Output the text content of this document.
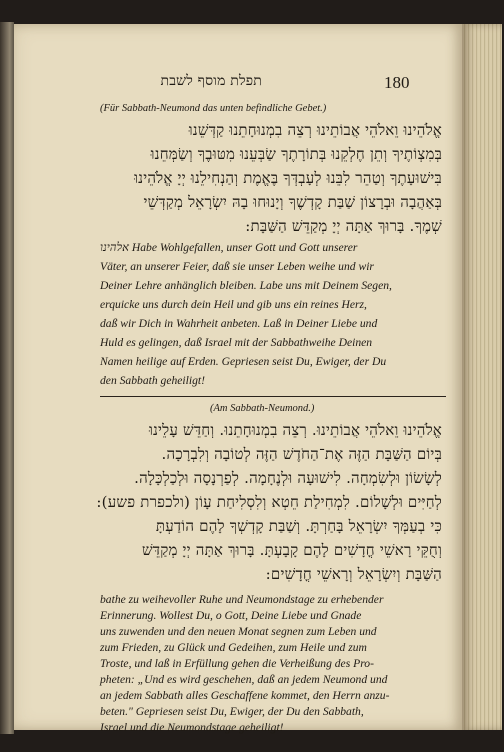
תפלת מוסף לשבת	180
(Für Sabbath-Neumond das unten befindliche Gebet.)
אֱלֹהֵינוּ וֵאלֹהֵי אֲבוֹתֵינוּ רְצֵה בִמְנוּחָתֵנוּ קַדְּשֵׁנוּ
בְּמִצְוֹתֶיךָ וְתֵן חֶלְקֵנוּ בְּתוֹרָתֶךָ שַׂבְּעֵנוּ מִטּוּבֶךָ וְשַׂמְּחֵנוּ
בִּישׁוּעָתֶךָ וְטַהֵר לִבֵּנוּ לְעָבְדְּךָ בֶּאֱמֶת וְהַנְחִילֵנוּ יְיָ אֱלֹהֵינוּ
בְּאַהֲבָה וּבְרָצוֹן שַׁבַּת קָדְשֶׁךָ וְיָנוּחוּ בָהּ יִשְׂרָאֵל מְקַדְּשֵׁי
שְׁמֶךָ. בָּרוּךְ אַתָּה יְיָ מְקַדֵּשׁ הַשַּׁבָּת:
אלהינו Habe Wohlgefallen, unser Gott und Gott unserer
Väter, an unserer Feier, daß sie unser Leben weihe und wir
Deiner Lehre anhänglich bleiben. Labe uns mit Deinem Segen,
erquicke uns durch dein Heil und gib uns ein reines Herz,
daß wir Dich in Wahrheit anbeten. Laß in Deiner Liebe und
Huld es gelingen, daß Israel mit der Sabbathweihe Deinen
Namen heilige auf Erden. Gepriesen seist Du, Ewiger, der Du
den Sabbath geheiligt!
(Am Sabbath-Neumond.)
אֱלֹהֵינוּ וֵאלֹהֵי אֲבוֹתֵינוּ. רְצֵה בִמְנוּחָתֵנוּ. וְחַדֵּשׁ עָלֵינוּ
בְּיוֹם הַשַּׁבָּת הַזֶּה אֶת־הַחֹדֶשׁ הַזֶּה לְטוֹבָה וְלִבְרָכָה.
לְשָׂשׂוֹן וּלְשִׂמְחָה. לִישׁוּעָה וּלְנֶחָמָה. לְפַרְנָסָה וּלְכַלְכָּלָה.
לְחַיִּים וּלְשָׁלוֹם. לִמְחִילַת חֵטְא וְלִסְלִיחַת עָוֹן (ולכפרת פשע):
כִּי בְעַמְּךָ יִשְׂרָאֵל בָּחַרְתָּ. וְשַׁבַּת קָדְשְׁךָ לָהֶם הוֹדַעְתָּ
וְחֻקֵּי רָאשֵׁי חֳדָשִׁים לָהֶם קָבָעְתָּ. בָּרוּךְ אַתָּה יְיָ מְקַדֵּשׁ
הַשַּׁבָּת וְיִשְׂרָאֵל וְרָאשֵׁי חֳדָשִׁים:
bathe zu weihevoller Ruhe und Neumondstage zu erhebender
Erinnerung. Wollest Du, o Gott, Deine Liebe und Gnade
uns zuwenden und den neuen Monat segnen zum Leben und
zum Frieden, zu Glück und Gedeihen, zum Heile und zum
Troste, und laß in Erfüllung gehen die Verheißung des Pro-
pheten: „Und es wird geschehen, daß an jedem Neumond und
an jedem Sabbath alles Geschaffene kommet, den Herrn anzu-
beten." Gepriesen seist Du, Ewiger, der Du den Sabbath,
Israel und die Neumondstage geheiligt!
